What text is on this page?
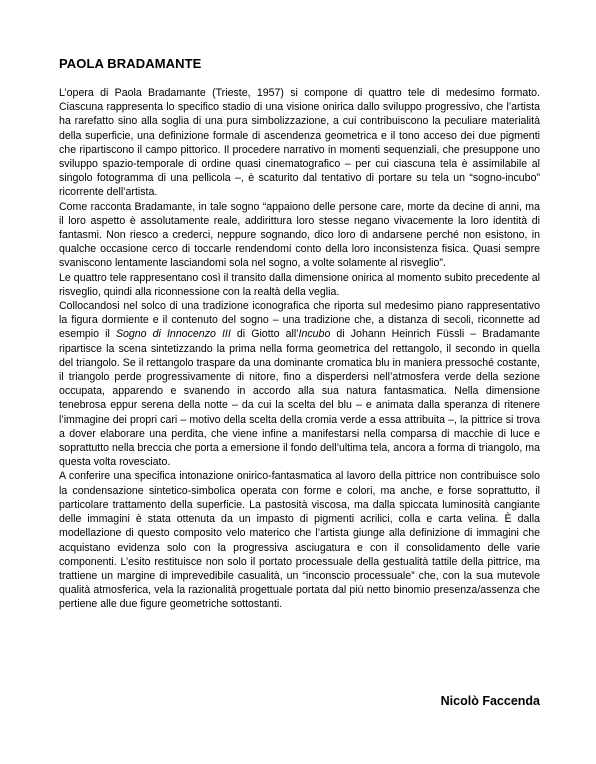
PAOLA BRADAMANTE

L’opera di Paola Bradamante (Trieste, 1957) si compone di quattro tele di medesimo formato. Ciascuna rappresenta lo specifico stadio di una visione onirica dallo sviluppo progressivo, che l’artista ha rarefatto sino alla soglia di una pura simbolizzazione, a cui contribuiscono la peculiare materialità della superficie, una definizione formale di ascendenza geometrica e il tono acceso dei due pigmenti che ripartiscono il campo pittorico. Il procedere narrativo in momenti sequenziali, che presuppone uno sviluppo spazio-temporale di ordine quasi cinematografico – per cui ciascuna tela è assimilabile al singolo fotogramma di una pellicola –, è scaturito dal tentativo di portare su tela un “sogno-incubo” ricorrente dell’artista.

Come racconta Bradamante, in tale sogno “appaiono delle persone care, morte da decine di anni, ma il loro aspetto è assolutamente reale, addirittura loro stesse negano vivacemente la loro identità di fantasmi. Non riesco a crederci, neppure sognando, dico loro di andarsene perché non esistono, in qualche occasione cerco di toccarle rendendomi conto della loro inconsistenza fisica. Quasi sempre svaniscono lentamente lasciandomi sola nel sogno, a volte solamente al risveglio”.

Le quattro tele rappresentano così il transito dalla dimensione onirica al momento subito precedente al risveglio, quindi alla riconnessione con la realtà della veglia.

Collocandosi nel solco di una tradizione iconografica che riporta sul medesimo piano rappresentativo la figura dormiente e il contenuto del sogno – una tradizione che, a distanza di secoli, riconnette ad esempio il Sogno di Innocenzo III di Giotto all’Incubo di Johann Heinrich Füssli – Bradamante ripartisce la scena sintetizzando la prima nella forma geometrica del rettangolo, il secondo in quella del triangolo. Se il rettangolo traspare da una dominante cromatica blu in maniera pressoché costante, il triangolo perde progressivamente di nitore, fino a disperdersi nell’atmosfera verde della sezione occupata, apparendo e svanendo in accordo alla sua natura fantasmatica. Nella dimensione tenebrosa eppur serena della notte – da cui la scelta del blu – e animata dalla speranza di ritenere l’immagine dei propri cari – motivo della scelta della cromia verde a essa attribuita –, la pittrice si trova a dover elaborare una perdita, che viene infine a manifestarsi nella comparsa di macchie di luce e soprattutto nella breccia che porta a emersione il fondo dell’ultima tela, ancora a forma di triangolo, ma questa volta rovesciato.

A conferire una specifica intonazione onirico-fantasmatica al lavoro della pittrice non contribuisce solo la condensazione sintetico-simbolica operata con forme e colori, ma anche, e forse soprattutto, il particolare trattamento della superficie. La pastosità viscosa, ma dalla spiccata luminosità cangiante delle immagini è stata ottenuta da un impasto di pigmenti acrilici, colla e carta velina. È dalla modellazione di questo composito velo materico che l’artista giunge alla definizione di immagini che acquistano evidenza solo con la progressiva asciugatura e con il consolidamento delle varie componenti. L’esito restituisce non solo il portato processuale della gestualità tattile della pittrice, ma trattiene un margine di imprevedibile casualità, un “inconscio processuale” che, con la sua mutevole qualità atmosferica, vela la razionalità progettuale portata dal più netto binomio presenza/assenza che pertiene alle due figure geometriche sottostanti.

Nicolò Faccenda
